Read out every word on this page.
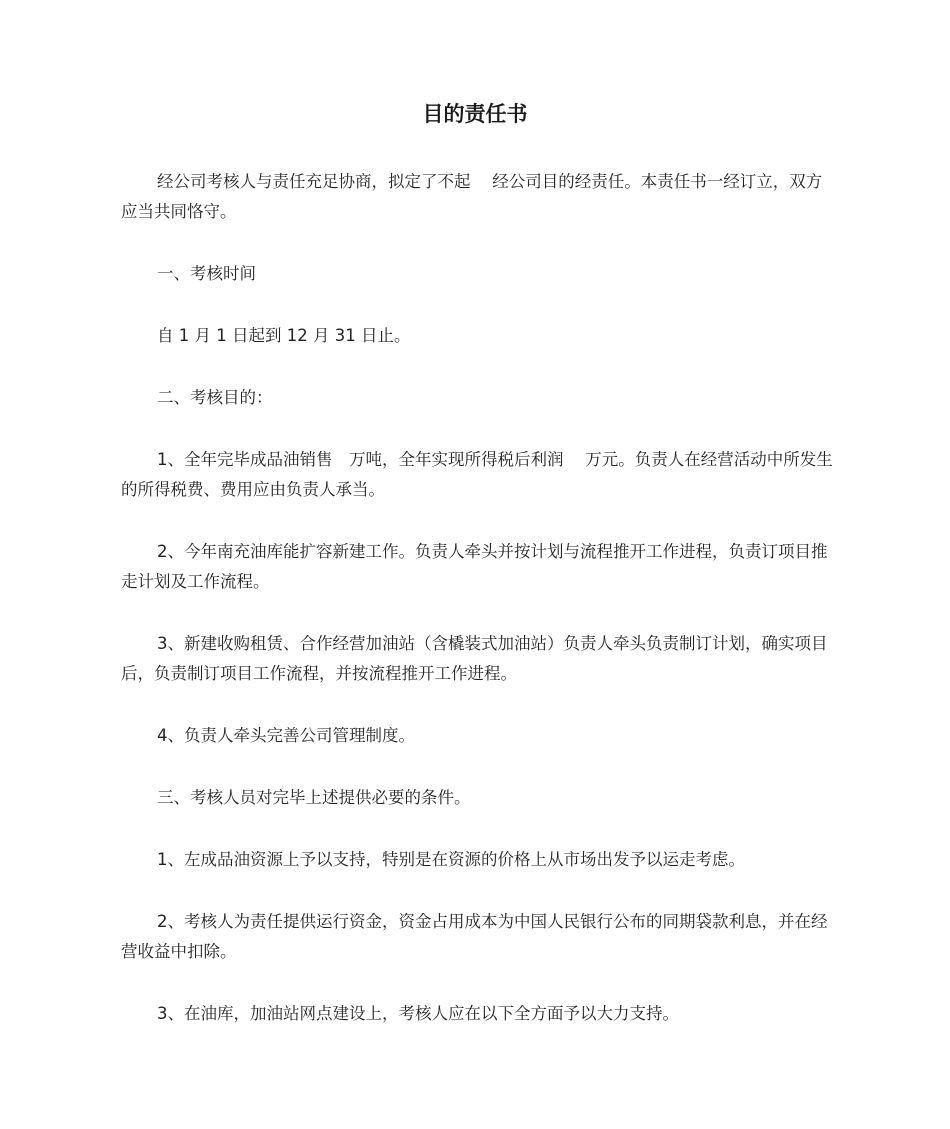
目的责任书

经公司考核人与责任充足协商，拟定了不起　 经公司目的经责任。本责任书一经订立，双方应当共同恪守。

一、考核时间

自 1 月 1 日起到 12 月 31 日止。

二、考核目的：

1、全年完毕成品油销售　万吨，全年实现所得税后利润　 万元。负责人在经营活动中所发生的所得税费、费用应由负责人承当。

2、今年南充油库能扩容新建工作。负责人牵头并按计划与流程推开工作进程，负责订项目推走计划及工作流程。

3、新建收购租赁、合作经营加油站（含橇装式加油站）负责人牵头负责制订计划，确实项目后，负责制订项目工作流程，并按流程推开工作进程。

4、负责人牵头完善公司管理制度。

三、考核人员对完毕上述提供必要的条件。

1、左成品油资源上予以支持，特别是在资源的价格上从市场出发予以运走考虑。

2、考核人为责任提供运行资金，资金占用成本为中国人民银行公布的同期袋款利息，并在经营收益中扣除。

3、在油库，加油站网点建设上，考核人应在以下全方面予以大力支持。
